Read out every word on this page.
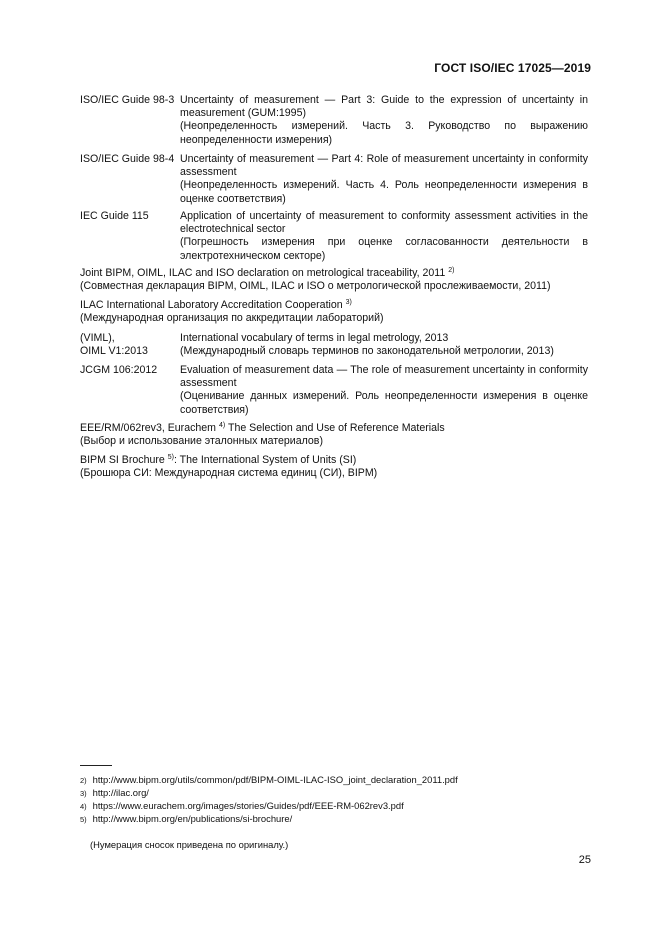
ГОСТ ISO/IEC 17025—2019
ISO/IEC Guide 98-3 Uncertainty of measurement — Part 3: Guide to the expression of uncertainty in measurement (GUM:1995)
(Неопределенность измерений. Часть 3. Руководство по выражению неопределенности измерения)
ISO/IEC Guide 98-4 Uncertainty of measurement — Part 4: Role of measurement uncertainty in conformity assessment
(Неопределенность измерений. Часть 4. Роль неопределенности измерения в оценке соответствия)
IEC Guide 115	Application of uncertainty of measurement to conformity assessment activities in the electrotechnical sector
(Погрешность измерения при оценке согласованности деятельности в электротехническом секторе)
Joint BIPM, OIML, ILAC and ISO declaration on metrological traceability, 2011 $^{2)}$
(Совместная декларация BIPM, OIML, ILAC и ISO о метрологической прослеживаемости, 2011)
ILAC International Laboratory Accreditation Cooperation $^{3)}$
(Международная организация по аккредитации лабораторий)
(VIML),
OIML V1:2013
International vocabulary of terms in legal metrology, 2013
(Международный словарь терминов по законодательной метрологии, 2013)
JCGM 106:2012 Evaluation of measurement data — The role of measurement uncertainty in conformity assessment
(Оценивание данных измерений. Роль неопределенности измерения в оценке соответствия)
EEE/RM/062rev3, Eurachem $^{4)}$ The Selection and Use of Reference Materials
(Выбор и использование эталонных материалов)
BIPM SI Brochure $^{5)}$: The International System of Units (SI)
(Брошюра СИ: Международная система единиц (СИ), BIPM)
2) http://www.bipm.org/utils/common/pdf/BIPM-OIML-ILAC-ISO_joint_declaration_2011.pdf
3) http://ilac.org/
4) https://www.eurachem.org/images/stories/Guides/pdf/EEE-RM-062rev3.pdf
5) http://www.bipm.org/en/publications/si-brochure/
(Нумерация сносок приведена по оригиналу.)
25
